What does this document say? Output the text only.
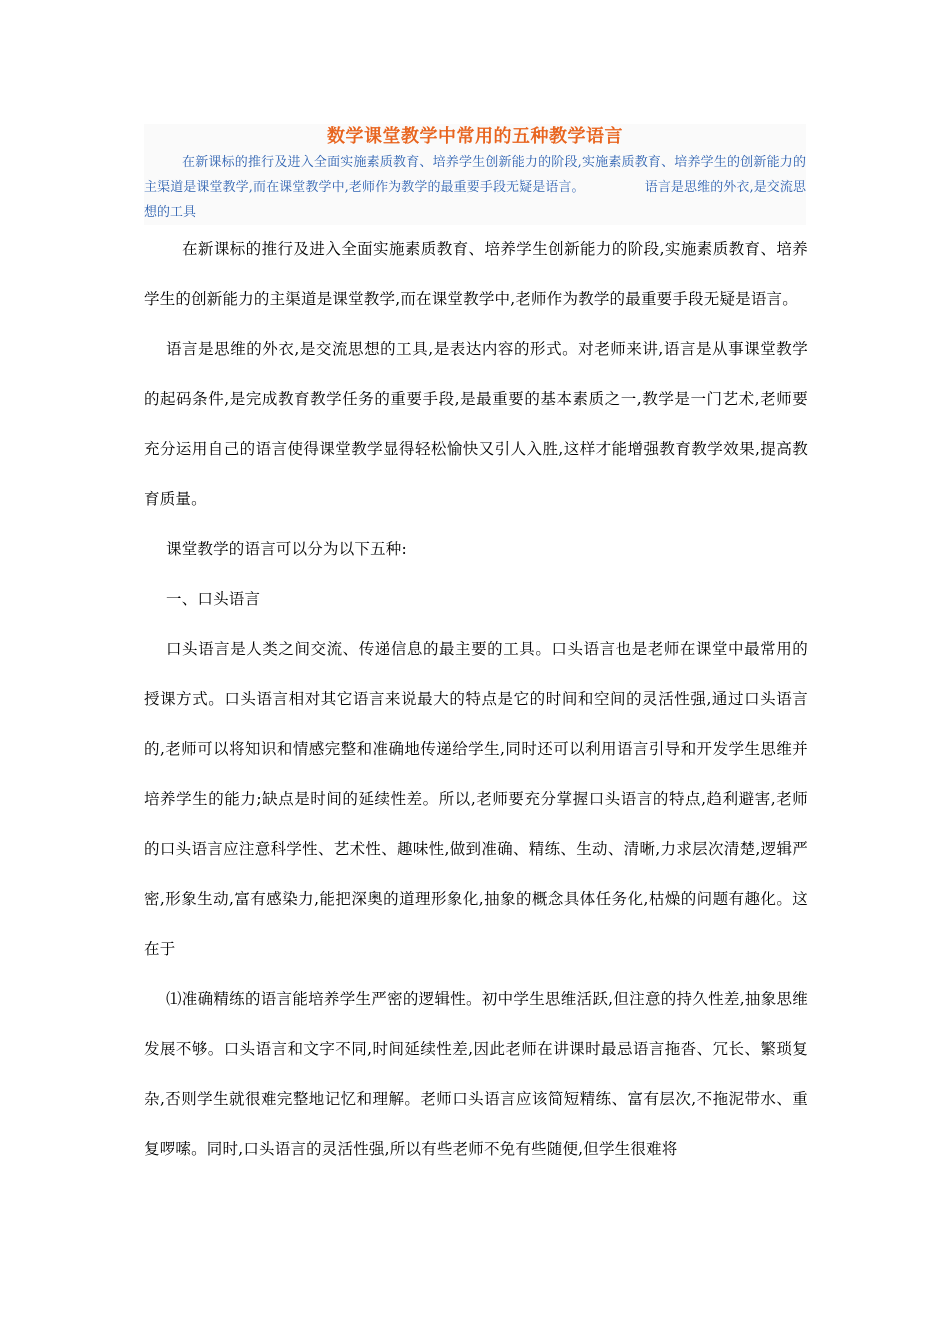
数学课堂教学中常用的五种教学语言

在新课标的推行及进入全面实施素质教育、培养学生创新能力的阶段,实施素质教育、培养学生的创新能力的主渠道是课堂教学,而在课堂教学中,老师作为教学的最重要手段无疑是语言。	语言是思维的外衣,是交流思想的工具

在新课标的推行及进入全面实施素质教育、培养学生创新能力的阶段,实施素质教育、培养学生的创新能力的主渠道是课堂教学,而在课堂教学中,老师作为教学的最重要手段无疑是语言。

语言是思维的外衣,是交流思想的工具,是表达内容的形式。对老师来讲,语言是从事课堂教学的起码条件,是完成教育教学任务的重要手段,是最重要的基本素质之一,教学是一门艺术,老师要充分运用自己的语言使得课堂教学显得轻松愉快又引人入胜,这样才能增强教育教学效果,提高教育质量。

课堂教学的语言可以分为以下五种:

一、口头语言

口头语言是人类之间交流、传递信息的最主要的工具。口头语言也是老师在课堂中最常用的授课方式。口头语言相对其它语言来说最大的特点是它的时间和空间的灵活性强,通过口头语言的,老师可以将知识和情感完整和准确地传递给学生,同时还可以利用语言引导和开发学生思维并培养学生的能力;缺点是时间的延续性差。所以,老师要充分掌握口头语言的特点,趋利避害,老师的口头语言应注意科学性、艺术性、趣味性,做到准确、精练、生动、清晰,力求层次清楚,逻辑严密,形象生动,富有感染力,能把深奥的道理形象化,抽象的概念具体任务化,枯燥的问题有趣化。这在于

⑴准确精练的语言能培养学生严密的逻辑性。初中学生思维活跃,但注意的持久性差,抽象思维发展不够。口头语言和文字不同,时间延续性差,因此老师在讲课时最忌语言拖沓、冗长、繁琐复杂,否则学生就很难完整地记忆和理解。老师口头语言应该简短精练、富有层次,不拖泥带水、重复啰嗦。同时,口头语言的灵活性强,所以有些老师不免有些随便,但学生很难将
